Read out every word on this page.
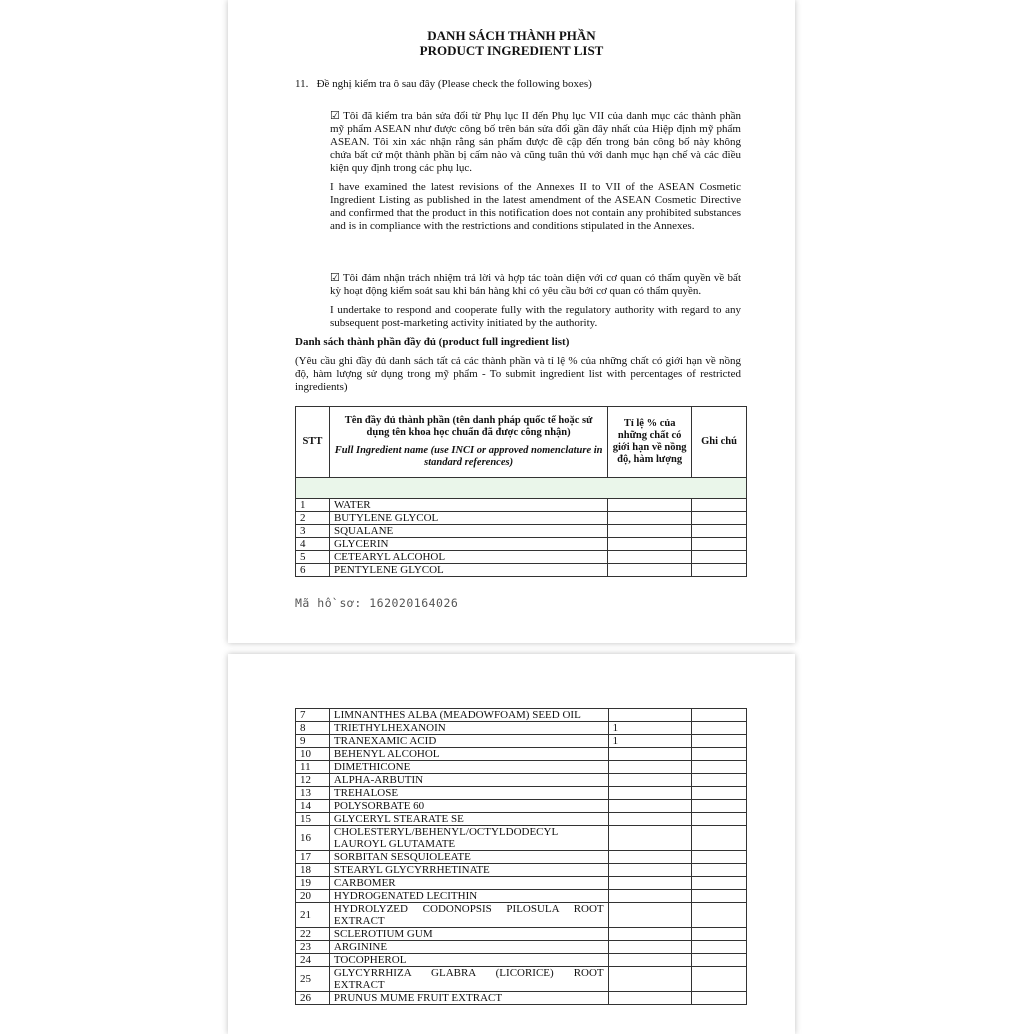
DANH SÁCH THÀNH PHẦN
PRODUCT INGREDIENT LIST
11.   Đề nghị kiểm tra ô sau đây (Please check the following boxes)
☑ Tôi đã kiểm tra bản sửa đổi từ Phụ lục II đến Phụ lục VII của danh mục các thành phần mỹ phẩm ASEAN như được công bố trên bản sửa đổi gần đây nhất của Hiệp định mỹ phẩm ASEAN. Tôi xin xác nhận rằng sản phẩm được đề cập đến trong bản công bố này không chứa bất cứ một thành phần bị cấm nào và cũng tuân thủ với danh mục hạn chế và các điều kiện quy định trong các phụ lục.
I have examined the latest revisions of the Annexes II to VII of the ASEAN Cosmetic Ingredient Listing as published in the latest amendment of the ASEAN Cosmetic Directive and confirmed that the product in this notification does not contain any prohibited substances and is in compliance with the restrictions and conditions stipulated in the Annexes.
☑ Tôi đảm nhận trách nhiệm trả lời và hợp tác toàn diện với cơ quan có thẩm quyền về bất kỳ hoạt động kiểm soát sau khi bán hàng khi có yêu cầu bởi cơ quan có thẩm quyền.
I undertake to respond and cooperate fully with the regulatory authority with regard to any subsequent post-marketing activity initiated by the authority.
Danh sách thành phần đầy đủ (product full ingredient list)
(Yêu cầu ghi đầy đủ danh sách tất cả các thành phần và tỉ lệ % của những chất có giới hạn về nồng độ, hàm lượng sử dụng trong mỹ phẩm - To submit ingredient list with percentages of restricted ingredients)
STT	Tên đầy đủ thành phần (tên danh pháp quốc tế hoặc sử dụng tên khoa học chuẩn đã được công nhận)
Full Ingredient name (use INCI or approved nomenclature in standard references)	Tỉ lệ % của những chất có giới hạn về nồng độ, hàm lượng	Ghi chú

1	WATER		
2	BUTYLENE GLYCOL		
3	SQUALANE		
4	GLYCERIN		
5	CETEARYL ALCOHOL		
6	PENTYLENE GLYCOL		
Mã hồ sơ: 162020164026
7	LIMNANTHES ALBA (MEADOWFOAM) SEED OIL		
8	TRIETHYLHEXANOIN	1	
9	TRANEXAMIC ACID	1	
10	BEHENYL ALCOHOL		
11	DIMETHICONE		
12	ALPHA-ARBUTIN		
13	TREHALOSE		
14	POLYSORBATE 60		
15	GLYCERYL STEARATE SE		
16	CHOLESTERYL/BEHENYL/OCTYLDODECYL LAUROYL GLUTAMATE		
17	SORBITAN SESQUIOLEATE		
18	STEARYL GLYCYRRHETINATE		
19	CARBOMER		
20	HYDROGENATED LECITHIN		
21	HYDROLYZED CODONOPSIS PILOSULA ROOT EXTRACT		
22	SCLEROTIUM GUM		
23	ARGININE		
24	TOCOPHEROL		
25	GLYCYRRHIZA GLABRA (LICORICE) ROOT EXTRACT		
26	PRUNUS MUME FRUIT EXTRACT		
